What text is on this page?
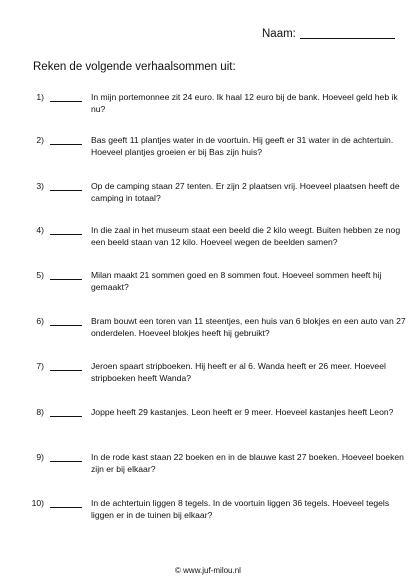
Naam:
Reken de volgende verhaalsommen uit:
1)	In mijn portemonnee zit 24 euro. Ik haal 12 euro bij de bank. Hoeveel geld heb ik nu?
2)	Bas geeft 11 plantjes water in de voortuin. Hij geeft er 31 water in de achtertuin. Hoeveel plantjes groeien er bij Bas zijn huis?
3)	Op de camping staan 27 tenten. Er zijn 2 plaatsen vrij. Hoeveel plaatsen heeft de camping in totaal?
4)	In die zaal in het museum staat een beeld die 2 kilo weegt. Buiten hebben ze nog een beeld staan van 12 kilo. Hoeveel wegen de beelden samen?
5)	Milan maakt 21 sommen goed en 8 sommen fout. Hoeveel sommen heeft hij gemaakt?
6)	Bram bouwt een toren van 11 steentjes, een huis van 6 blokjes en een auto van 27 onderdelen. Hoeveel blokjes heeft hij gebruikt?
7)	Jeroen spaart stripboeken. Hij heeft er al 6. Wanda heeft er 26 meer. Hoeveel stripboeken heeft Wanda?
8)	Joppe heeft 29 kastanjes. Leon heeft er 9 meer. Hoeveel kastanjes heeft Leon?
9)	In de rode kast staan 22 boeken en in de blauwe kast 27 boeken. Hoeveel boeken zijn er bij elkaar?
10)	In de achtertuin liggen 8 tegels. In de voortuin liggen 36 tegels. Hoeveel tegels liggen er in de tuinen bij elkaar?
© www.juf-milou.nl
